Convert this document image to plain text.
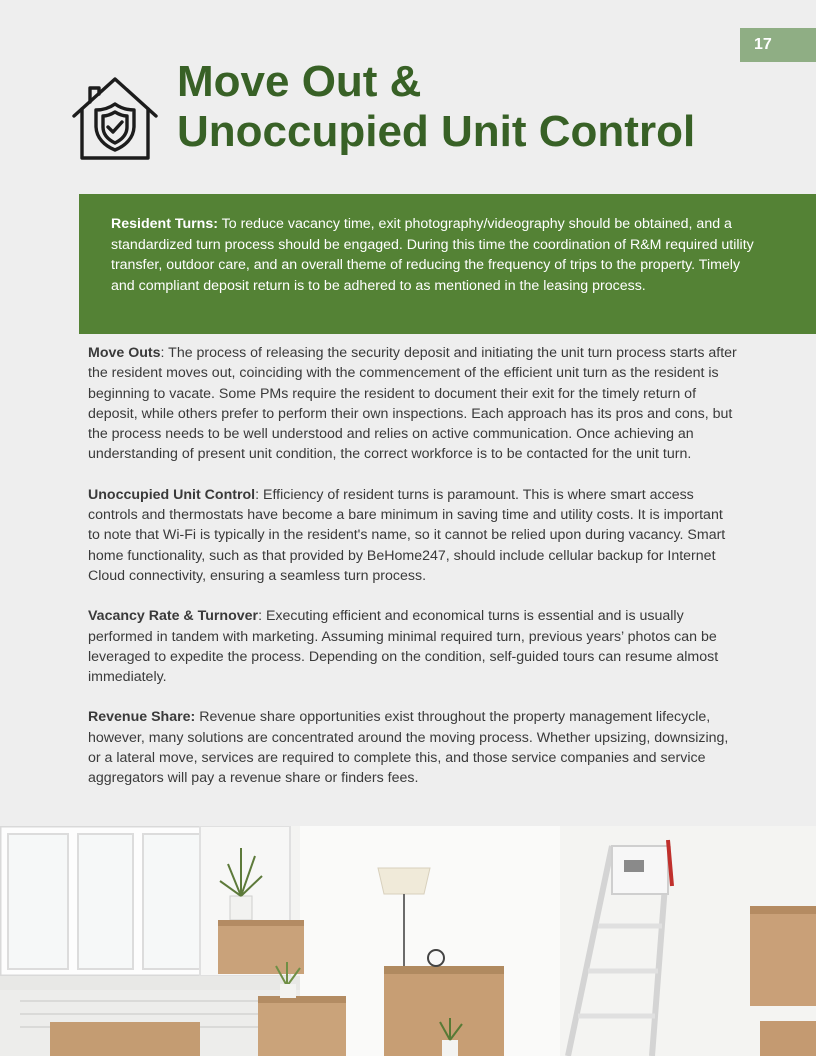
17
Move Out &
Unoccupied Unit Control
Resident Turns: To reduce vacancy time, exit photography/videography should be obtained, and a standardized turn process should be engaged. During this time the coordination of R&M required utility transfer, outdoor care, and an overall theme of reducing the frequency of trips to the property. Timely and compliant deposit return is to be adhered to as mentioned in the leasing process.

Move Outs: The process of releasing the security deposit and initiating the unit turn process starts after the resident moves out, coinciding with the commencement of the efficient unit turn as the resident is beginning to vacate. Some PMs require the resident to document their exit for the timely return of deposit, while others prefer to perform their own inspections. Each approach has its pros and cons, but the process needs to be well understood and relies on active communication. Once achieving an understanding of present unit condition, the correct workforce is to be contacted for the unit turn.

Unoccupied Unit Control: Efficiency of resident turns is paramount. This is where smart access controls and thermostats have become a bare minimum in saving time and utility costs. It is important to note that Wi-Fi is typically in the resident's name, so it cannot be relied upon during vacancy. Smart home functionality, such as that provided by BeHome247, should include cellular backup for Internet Cloud connectivity, ensuring a seamless turn process.

Vacancy Rate & Turnover: Executing efficient and economical turns is essential and is usually performed in tandem with marketing. Assuming minimal required turn, previous years’ photos can be leveraged to expedite the process. Depending on the condition, self-guided tours can resume almost immediately.

Revenue Share: Revenue share opportunities exist throughout the property management lifecycle, however, many solutions are concentrated around the moving process. Whether upsizing, downsizing, or a lateral move, services are required to complete this, and those service companies and service aggregators will pay a revenue share or finders fees.
